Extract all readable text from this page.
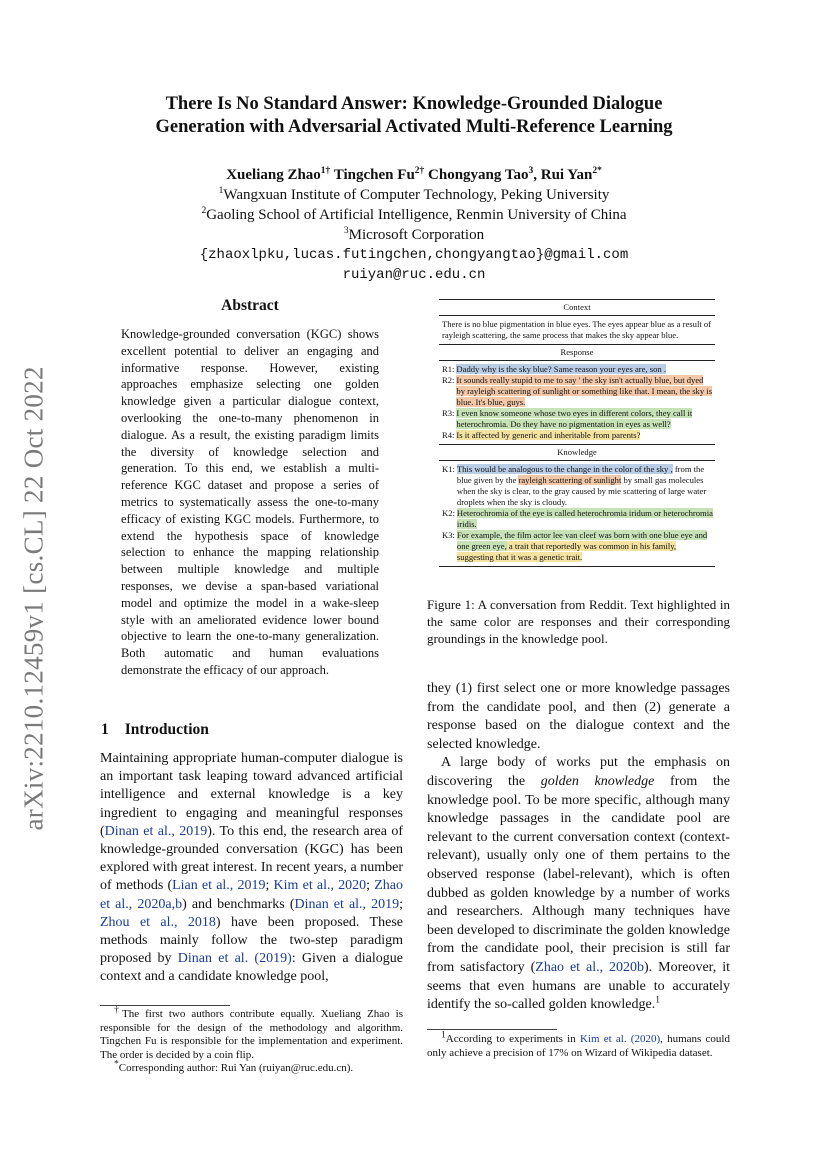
arXiv:2210.12459v1 [cs.CL] 22 Oct 2022
There Is No Standard Answer: Knowledge-Grounded Dialogue
Generation with Adversarial Activated Multi-Reference Learning
Xueliang Zhao$^{1\dagger}$ Tingchen $Fu^{2\dagger}$ Chongyang Tao$^3$, Rui Yan$^{2*}$
$^1$Wangxuan Institute of Computer Technology, Peking University
$^2$Gaoling School of Artificial Intelligence, Renmin University of China
$^3$Microsoft Corporation
{zhaoxlpku,lucas.futingchen,chongyangtao}@gmail.com
ruiyan@ruc.edu.cn
Abstract
Knowledge-grounded conversation (KGC) shows excellent potential to deliver an engaging and informative response. However, existing approaches emphasize selecting one golden knowledge given a particular dialogue context, overlooking the one-to-many phenomenon in dialogue. As a result, the existing paradigm limits the diversity of knowledge selection and generation. To this end, we establish a multi-reference KGC dataset and propose a series of metrics to systematically assess the one-to-many efficacy of existing KGC models. Furthermore, to extend the hypothesis space of knowledge selection to enhance the mapping relationship between multiple knowledge and multiple responses, we devise a span-based variational model and optimize the model in a wake-sleep style with an ameliorated evidence lower bound objective to learn the one-to-many generalization. Both automatic and human evaluations demonstrate the efficacy of our approach.
1 Introduction
Maintaining appropriate human-computer dialogue is an important task leaping toward advanced artificial intelligence and external knowledge is a key ingredient to engaging and meaningful responses (Dinan et al., 2019). To this end, the research area of knowledge-grounded conversation (KGC) has been explored with great interest. In recent years, a number of methods (Lian et al., 2019; Kim et al., 2020; Zhao et al., 2020a,b) and benchmarks (Dinan et al., 2019; Zhou et al., 2018) have been proposed. These methods mainly follow the two-step paradigm proposed by Dinan et al. (2019): Given a dialogue context and a candidate knowledge pool,

†The first two authors contribute equally. Xueliang Zhao is responsible for the design of the methodology and algorithm. Tingchen Fu is responsible for the implementation and experiment. The order is decided by a coin flip.

*Corresponding author: Rui Yan (ruiyan@ruc.edu.cn).

Context
There is no blue pigmentation in blue eyes. The eyes appear blue as a result of rayleigh scattering, the same process that makes the sky appear blue.
Response
R1: Daddy why is the sky blue? Same reason your eyes are, son .
R2: It sounds really stupid to me to say ' the sky isn't actually blue, but dyed by rayleigh scattering of sunlight or something like that. I mean, the sky is blue. It's blue, guys.
R3: I even know someone whose two eyes in different colors, they call it heterochromia. Do they have no pigmentation in eyes as well?
R4: Is it affected by generic and inheritable from parents?
Knowledge
K1: This would be analogous to the change in the color of the sky , from the blue given by the rayleigh scattering of sunlight by small gas molecules when the sky is clear, to the gray caused by mie scattering of large water droplets when the sky is cloudy.
K2: Heterochromia of the eye is called heterochromia iridum or heterochromia iridis.
K3: For example, the film actor lee van cleef was born with one blue eye and one green eye, a trait that reportedly was common in his family, suggesting that it was a genetic trait.
Figure 1: A conversation from Reddit. Text highlighted in the same color are responses and their corresponding groundings in the knowledge pool.

they (1) first select one or more knowledge passages from the candidate pool, and then (2) generate a response based on the dialogue context and the selected knowledge.

A large body of works put the emphasis on discovering the golden knowledge from the knowledge pool. To be more specific, although many knowledge passages in the candidate pool are relevant to the current conversation context (context-relevant), usually only one of them pertains to the observed response (label-relevant), which is often dubbed as golden knowledge by a number of works and researchers. Although many techniques have been developed to discriminate the golden knowledge from the candidate pool, their precision is still far from satisfactory (Zhao et al., 2020b). Moreover, it seems that even humans are unable to accurately identify the so-called golden knowledge.$^1$

$^1$According to experiments in Kim et al. (2020), humans could only achieve a precision of 17% on Wizard of Wikipedia dataset.
